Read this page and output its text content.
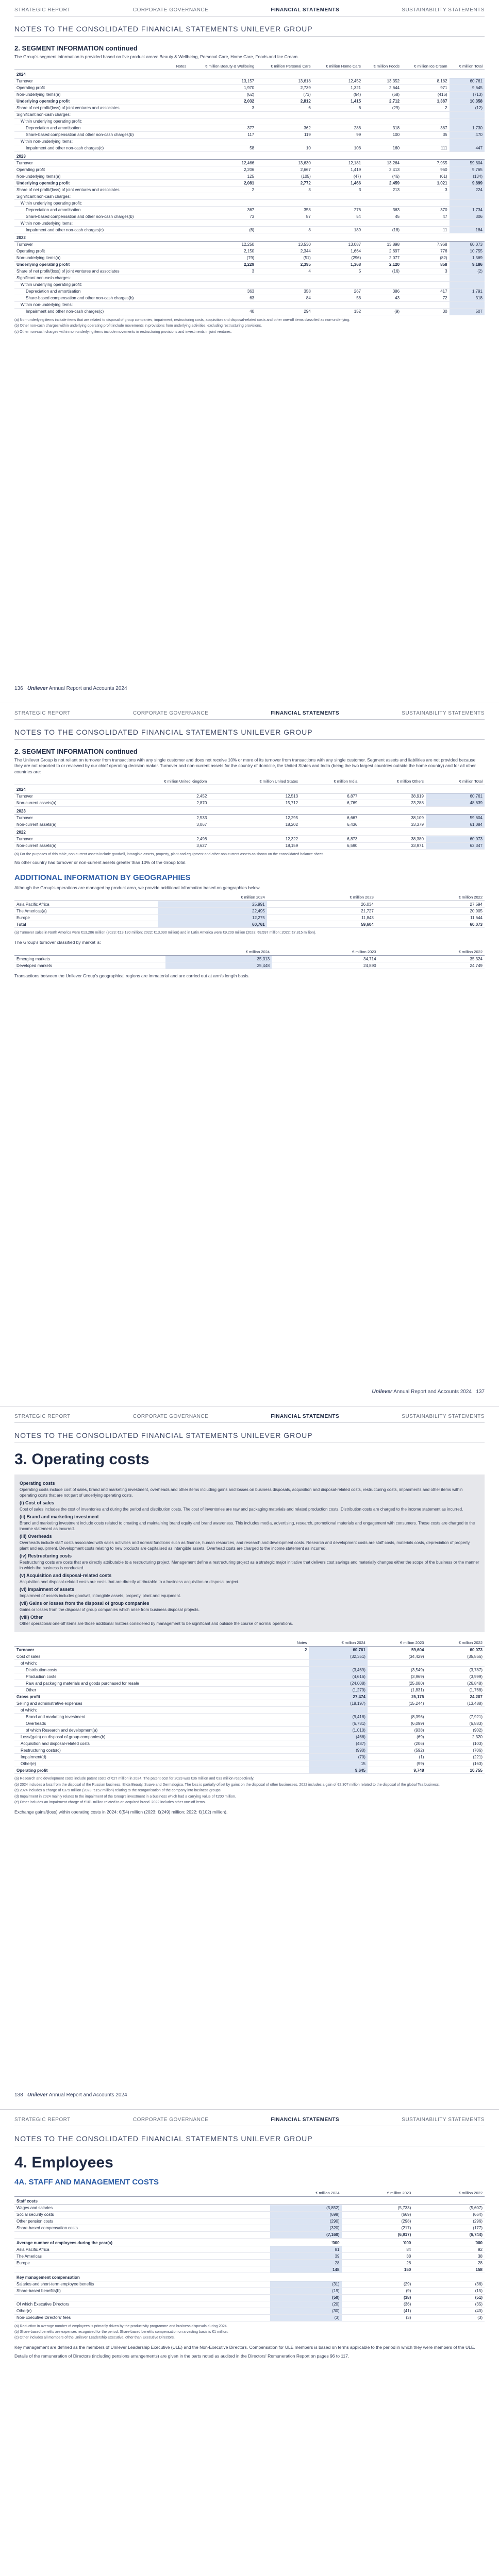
STRATEGIC REPORT	CORPORATE GOVERNANCE	FINANCIAL STATEMENTS	SUSTAINABILITY STATEMENTS
NOTES TO THE CONSOLIDATED FINANCIAL STATEMENTS UNILEVER GROUP
2. SEGMENT INFORMATION continued

The Group's segment information is provided based on five product areas: Beauty & Wellbeing, Personal Care, Home Care, Foods and Ice Cream.

	Notes	€ million Beauty & Wellbeing	€ million Personal Care	€ million Home Care	€ million Foods	€ million Ice Cream	€ million Total
2024							
Turnover		13,157	13,618	12,452	13,352	8,182	60,761
Operating profit		1,970	2,739	1,321	2,644	971	9,645
Non-underlying items(a)		(62)	(73)	(94)	(68)	(416)	(713)
Underlying operating profit		2,032	2,812	1,415	2,712	1,387	10,358
Share of net profit/(loss) of joint ventures and associates		3	6	6	(29)	2	(12)
Significant non-cash charges:							
Within underlying operating profit:							
Depreciation and amortisation		377	362	286	318	387	1,730
Share-based compensation and other non-cash charges(b)		117	119	99	100	35	470
Within non-underlying items:							
Impairment and other non-cash charges(c)		58	10	108	160	111	447
2023							
Turnover		12,466	13,630	12,181	13,264	7,955	59,604
Operating profit		2,206	2,667	1,419	2,413	960	9,765
Non-underlying items(a)		125	(105)	(47)	(46)	(61)	(134)
Underlying operating profit		2,081	2,772	1,466	2,459	1,021	9,899
Share of net profit/(loss) of joint ventures and associates		2	3	3	213	3	224
Significant non-cash charges:							
Within underlying operating profit:							
Depreciation and amortisation		367	358	276	363	370	1,734
Share-based compensation and other non-cash charges(b)		73	87	54	45	47	306
Within non-underlying items:							
Impairment and other non-cash charges(c)		(6)	8	189	(18)	11	184
2022							
Turnover		12,250	13,530	13,087	13,898	7,968	60,073
Operating profit		2,150	2,344	1,664	2,697	776	10,755
Non-underlying items(a)		(79)	(51)	(296)	2,077	(82)	1,569
Underlying operating profit		2,229	2,395	1,368	2,120	858	9,186
Share of net profit/(loss) of joint ventures and associates		3	4	5	(16)	3	(2)
Significant non-cash charges:							
Within underlying operating profit:							
Depreciation and amortisation		363	358	267	386	417	1,791
Share-based compensation and other non-cash charges(b)		63	84	56	43	72	318
Within non-underlying items:							
Impairment and other non-cash charges(c)		40	294	152	(9)	30	507
(a) Non-underlying items include items that are related to disposal of group companies, impairment, restructuring costs, acquisition and disposal-related costs and other one-off items classified as non-underlying.
(b) Other non-cash charges within underlying operating profit include movements in provisions from underlying activities, excluding restructuring provisions.
(c) Other non-cash charges within non-underlying items include movements in restructuring provisions and investments in joint ventures.
136 Unilever Annual Report and Accounts 2024
STRATEGIC REPORT	CORPORATE GOVERNANCE	FINANCIAL STATEMENTS	SUSTAINABILITY STATEMENTS
NOTES TO THE CONSOLIDATED FINANCIAL STATEMENTS UNILEVER GROUP
2. SEGMENT INFORMATION continued

The Unilever Group is not reliant on turnover from transactions with any single customer and does not receive 10% or more of its turnover from transactions with any single customer. Segment assets and liabilities are not provided because they are not reported to or reviewed by our chief operating decision maker. Turnover and non-current assets for the country of domicile, the United States and India (being the two largest countries outside the home country) and for all other countries are:

	€ million United Kingdom	€ million United States	€ million India	€ million Others	€ million Total
2024					
Turnover	2,452	12,513	6,877	38,919	60,761
Non-current assets(a)	2,870	15,712	6,769	23,288	48,639
2023					
Turnover	2,533	12,295	6,667	38,109	59,604
Non-current assets(a)	3,067	18,202	6,436	33,379	61,084
2022					
Turnover	2,498	12,322	6,873	38,380	60,073
Non-current assets(a)	3,627	18,159	6,590	33,971	62,347
(a) For the purposes of this table, non-current assets include goodwill, intangible assets, property, plant and equipment and other non-current assets as shown on the consolidated balance sheet.

No other country had turnover or non-current assets greater than 10% of the Group total.

ADDITIONAL INFORMATION BY GEOGRAPHIES

Although the Group's operations are managed by product area, we provide additional information based on geographies below.

	€ million 2024	€ million 2023	€ million 2022
Asia Pacific Africa	25,991	26,034	27,594
The Americas(a)	22,495	21,727	20,905
Europe	12,275	11,843	11,644
Total	60,761	59,604	60,073
(a) Turnover sales in North America were €13,286 million (2023: €13,130 million; 2022: €13,090 million) and in Latin America were €9,209 million (2023: €8,597 million; 2022: €7,815 million).

The Group's turnover classified by market is:

	€ million 2024	€ million 2023	€ million 2022
Emerging markets	35,313	34,714	35,324
Developed markets	25,448	24,890	24,749

Transactions between the Unilever Group's geographical regions are immaterial and are carried out at arm's length basis.

Unilever Annual Report and Accounts 2024 137
STRATEGIC REPORT	CORPORATE GOVERNANCE	FINANCIAL STATEMENTS	SUSTAINABILITY STATEMENTS
NOTES TO THE CONSOLIDATED FINANCIAL STATEMENTS UNILEVER GROUP
3. Operating costs
Operating costs

Operating costs include cost of sales, brand and marketing investment, overheads and other items including gains and losses on business disposals, acquisition and disposal-related costs, restructuring costs, impairments and other items within operating costs that are not part of underlying operating costs.

(i) Cost of sales

Cost of sales includes the cost of inventories and during the period and distribution costs. The cost of inventories are raw and packaging materials and related production costs. Distribution costs are charged to the income statement as incurred.

(ii) Brand and marketing investment

Brand and marketing investment include costs related to creating and maintaining brand equity and brand awareness. This includes media, advertising, research, promotional materials and engagement with consumers. These costs are charged to the income statement as incurred.

(iii) Overheads

Overheads include staff costs associated with sales activities and normal functions such as finance, human resources, and research and development costs. Research and development costs are staff costs, materials costs, depreciation of property, plant and equipment. Development costs relating to new products are capitalised as intangible assets. Overhead costs are charged to the income statement as incurred.

(iv) Restructuring costs

Restructuring costs are costs that are directly attributable to a restructuring project. Management define a restructuring project as a strategic major initiative that delivers cost savings and materially changes either the scope of the business or the manner in which the business is conducted.

(v) Acquisition and disposal-related costs

Acquisition and disposal-related costs are costs that are directly attributable to a business acquisition or disposal project.

(vi) Impairment of assets

Impairment of assets includes goodwill, intangible assets, property, plant and equipment.

(vii) Gains or losses from the disposal of group companies

Gains or losses from the disposal of group companies which arise from business disposal projects.

(viii) Other

Other operational one-off items are those additional matters considered by management to be significant and outside the course of normal operations.

	Notes	€ million 2024	€ million 2023	€ million 2022
Turnover	2	60,761	59,604	60,073
Cost of sales		(32,351)	(34,429)	(35,866)
of which:				
Distribution costs		(3,469)	(3,549)	(3,787)
Production costs		(4,616)	(3,969)	(3,999)
Raw and packaging materials and goods purchased for resale		(24,008)	(25,080)	(26,848)
Other		(1,279)	(1,831)	(1,768)
Gross profit		27,474	25,175	24,207
Selling and administrative expenses		(18,197)	(15,244)	(13,488)
of which:				
Brand and marketing investment		(9,418)	(8,396)	(7,921)
Overheads		(6,781)	(6,099)	(6,883)
of which Research and development(a)		(1,010)	(938)	(902)
Loss/(gain) on disposal of group companies(b)		(466)	(69)	2,320
Acquisition and disposal-related costs		(487)	(206)	(103)
Restructuring costs(c)		(990)	(592)	(706)
Impairment(d)		(70)	(1)	(221)
Other(e)		15	(99)	(163)
Operating profit		9,645	9,748	10,755
(a) Research and development costs include patent costs of €27 million in 2024. The patent cost for 2023 was €36 million and €33 million respectively.
(b) 2024 includes a loss from the disposal of the Russian business, Elida Beauty, Suave and Dermalogica. The loss is partially offset by gains on the disposal of other businesses. 2022 includes a gain of €2,307 million related to the disposal of the global Tea business.
(c) 2024 includes a charge of €379 million (2023: €152 million) relating to the reorganisation of the company into business groups.
(d) Impairment in 2024 mainly relates to the impairment of the Group's investment in a business which had a carrying value of €200 million.
(e) Other includes an impairment charge of €101 million related to an acquired brand. 2022 includes other one-off items.

Exchange gains/(loss) within operating costs in 2024: €(54) million (2023: €(249) million; 2022: €(102) million).

138 Unilever Annual Report and Accounts 2024
STRATEGIC REPORT	CORPORATE GOVERNANCE	FINANCIAL STATEMENTS	SUSTAINABILITY STATEMENTS
NOTES TO THE CONSOLIDATED FINANCIAL STATEMENTS UNILEVER GROUP
4. Employees
4A. STAFF AND MANAGEMENT COSTS
	€ million 2024	€ million 2023	€ million 2022
Staff costs			
Wages and salaries	(5,852)	(5,733)	(5,607)
Social security costs	(698)	(669)	(664)
Other pension costs	(290)	(298)	(296)
Share-based compensation costs	(320)	(217)	(177)
	(7,160)	(6,917)	(6,744)
Average number of employees during the year(a)	'000	'000	'000
Asia Pacific Africa	81	84	92
The Americas	39	38	38
Europe	28	28	28
	148	150	158
Key management compensation			
Salaries and short-term employee benefits	(31)	(29)	(36)
Share-based benefits(b)	(19)	(9)	(15)
	(50)	(38)	(51)
Of which Executive Directors	(20)	(36)	(35)
Other(c)	(30)	(41)	(40)
Non-Executive Directors' fees	(3)	(3)	(3)
(a) Reduction in average number of employees is primarily driven by the productivity programme and business disposals during 2024.
(b) Share-based benefits are expenses recognised for the period. Share-based benefits compensation on a vesting basis is €1 million.
(c) Other includes all members of the Unilever Leadership Executive, other than Executive Directors.

Key management are defined as the members of Unilever Leadership Executive (ULE) and the Non-Executive Directors. Compensation for ULE members is based on terms applicable to the period in which they were members of the ULE.

Details of the remuneration of Directors (including pensions arrangements) are given in the parts noted as audited in the Directors' Remuneration Report on pages 96 to 117.
